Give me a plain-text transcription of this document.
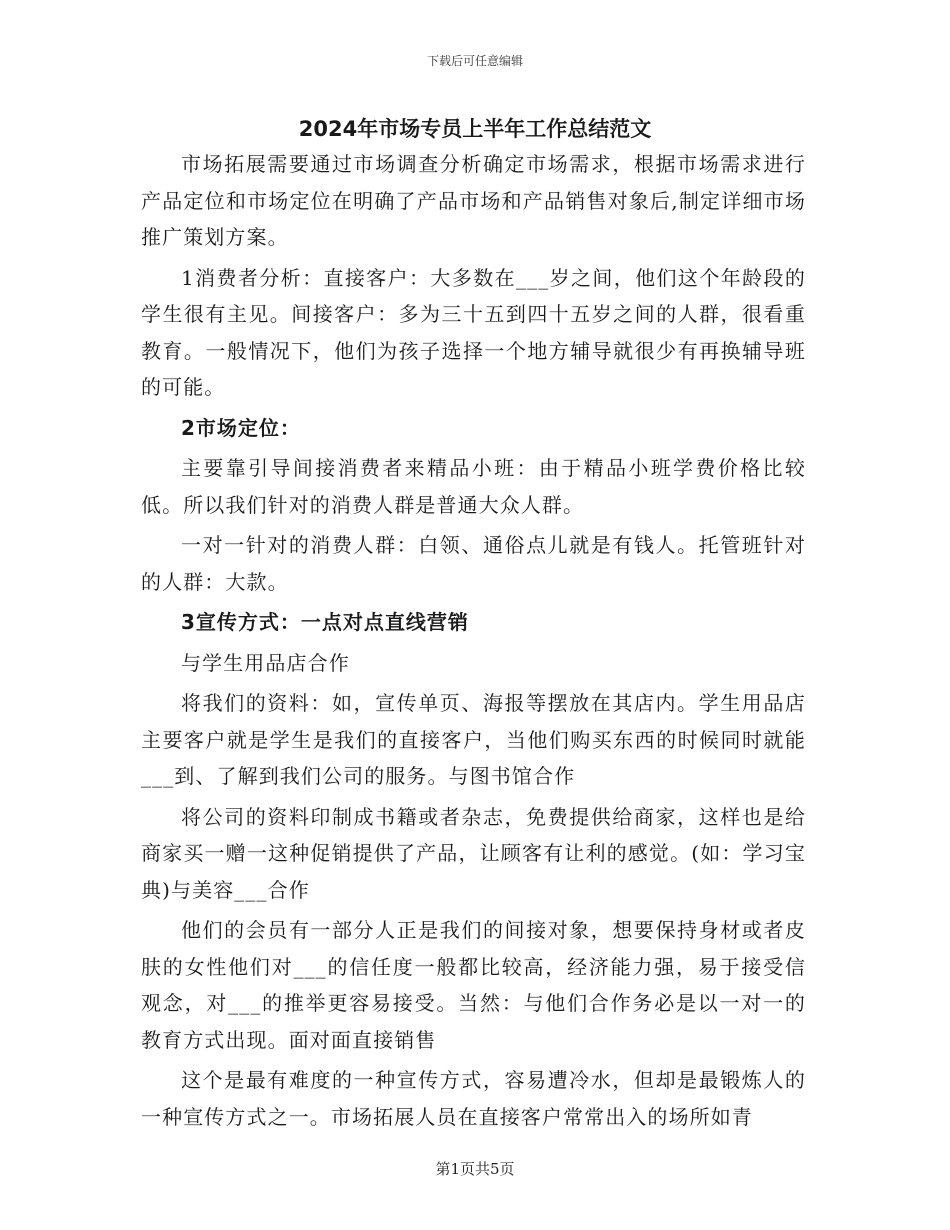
下载后可任意编辑
2024年市场专员上半年工作总结范文

市场拓展需要通过市场调查分析确定市场需求，根据市场需求进行产品定位和市场定位在明确了产品市场和产品销售对象后,制定详细市场推广策划方案。

1消费者分析：直接客户：大多数在___岁之间，他们这个年龄段的学生很有主见。间接客户：多为三十五到四十五岁之间的人群，很看重教育。一般情况下，他们为孩子选择一个地方辅导就很少有再换辅导班的可能。

2市场定位：

主要靠引导间接消费者来精品小班：由于精品小班学费价格比较低。所以我们针对的消费人群是普通大众人群。

一对一针对的消费人群：白领、通俗点儿就是有钱人。托管班针对的人群：大款。

3宣传方式：一点对点直线营销

与学生用品店合作

将我们的资料：如，宣传单页、海报等摆放在其店内。学生用品店主要客户就是学生是我们的直接客户，当他们购买东西的时候同时就能___到、了解到我们公司的服务。与图书馆合作

将公司的资料印制成书籍或者杂志，免费提供给商家，这样也是给商家买一赠一这种促销提供了产品，让顾客有让利的感觉。(如：学习宝典)与美容___合作

他们的会员有一部分人正是我们的间接对象，想要保持身材或者皮肤的女性他们对___的信任度一般都比较高，经济能力强，易于接受信观念，对___的推举更容易接受。当然：与他们合作务必是以一对一的教育方式出现。面对面直接销售

这个是最有难度的一种宣传方式，容易遭冷水，但却是最锻炼人的一种宣传方式之一。市场拓展人员在直接客户常常出入的场所如青

第1页共5页
